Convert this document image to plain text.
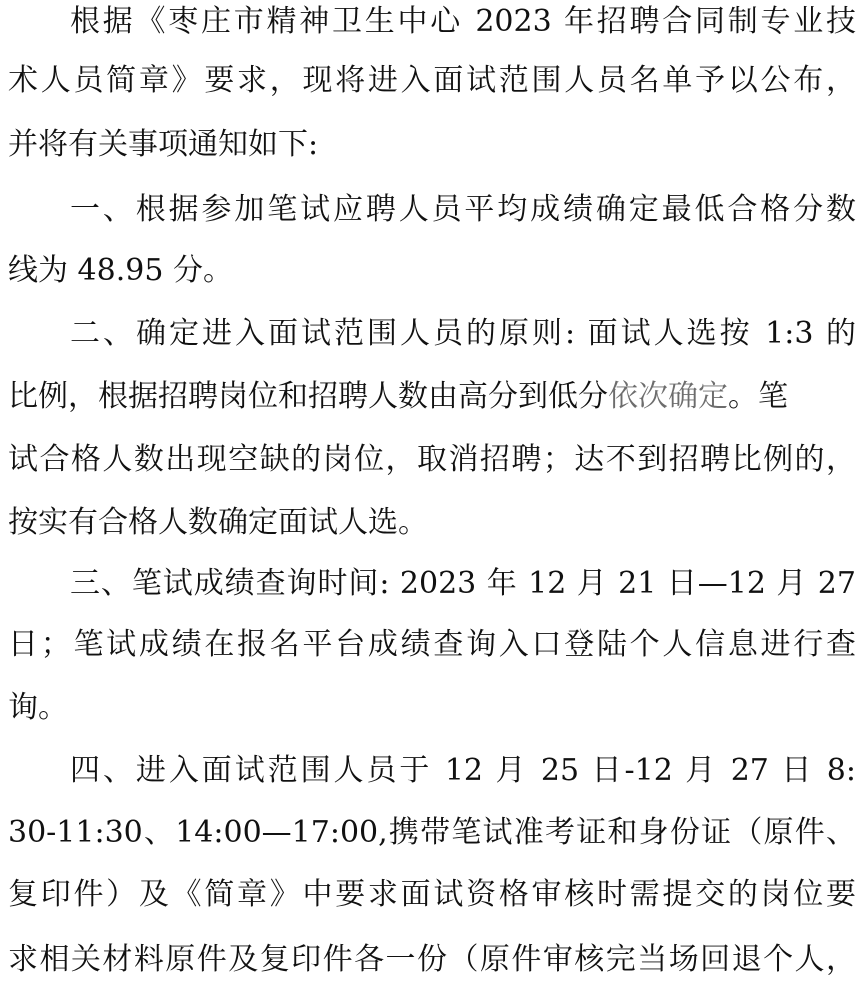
根据《枣庄市精神卫生中心 2023 年招聘合同制专业技
术人员简章》要求，现将进入面试范围人员名单予以公布，
并将有关事项通知如下:
一、根据参加笔试应聘人员平均成绩确定最低合格分数
线为 48.95 分。
二、确定进入面试范围人员的原则: 面试人选按 1:3 的
比例，根据招聘岗位和招聘人数由高分到低分依次确定。笔
试合格人数出现空缺的岗位，取消招聘；达不到招聘比例的，
按实有合格人数确定面试人选。
三、笔试成绩查询时间: 2023 年 12 月 21 日—12 月 27
日；笔试成绩在报名平台成绩查询入口登陆个人信息进行查
询。
四、进入面试范围人员于 12 月 25 日-12 月 27 日 8:
30-11:30、14:00—17:00,携带笔试准考证和身份证（原件、
复印件）及《简章》中要求面试资格审核时需提交的岗位要
求相关材料原件及复印件各一份（原件审核完当场回退个人，
